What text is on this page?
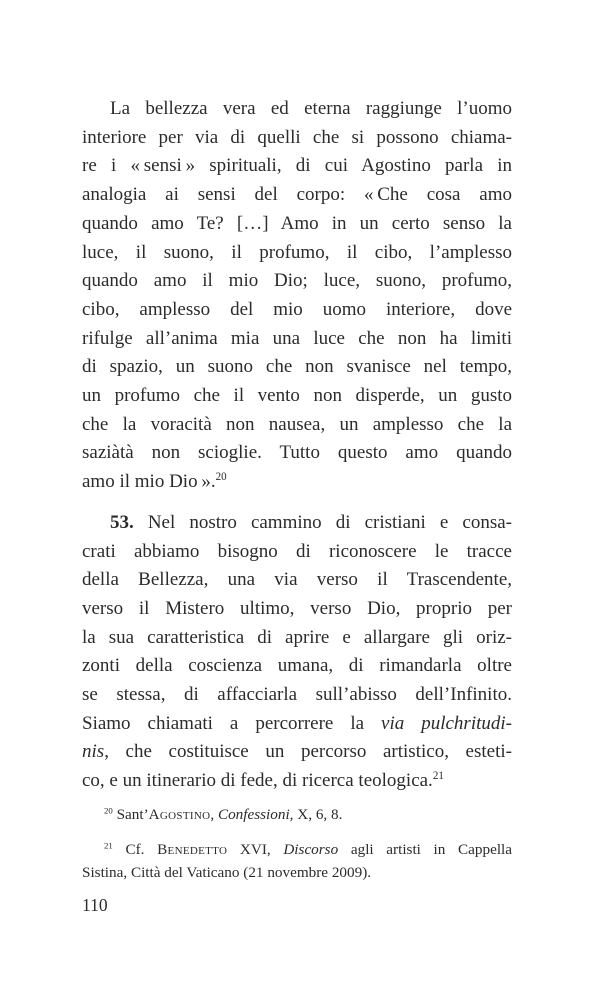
La bellezza vera ed eterna raggiunge l’uomo
interiore per via di quelli che si possono chiama-
re i « sensi » spirituali, di cui Agostino parla in
analogia ai sensi del corpo: « Che cosa amo
quando amo Te? […] Amo in un certo senso la
luce, il suono, il profumo, il cibo, l’amplesso
quando amo il mio Dio; luce, suono, profumo,
cibo, amplesso del mio uomo interiore, dove
rifulge all’anima mia una luce che non ha limiti
di spazio, un suono che non svanisce nel tempo,
un profumo che il vento non disperde, un gusto
che la voracità non nausea, un amplesso che la
saziàtà non scioglie. Tutto questo amo quando
amo il mio Dio ».$^{20}$
53. Nel nostro cammino di cristiani e consa-
crati abbiamo bisogno di riconoscere le tracce
della Bellezza, una via verso il Trascendente,
verso il Mistero ultimo, verso Dio, proprio per
la sua caratteristica di aprire e allargare gli oriz-
zonti della coscienza umana, di rimandarla oltre
se stessa, di affacciarla sull’abisso dell’Infinito.
Siamo chiamati a percorrere la via pulchritudi-
nis, che costituisce un percorso artistico, esteti-
co, e un itinerario di fede, di ricerca teologica.$^{21}$
$^{20}$ Sant’Agostino, Confessioni, X, 6, 8.
$^{21}$ Cf. Benedetto XVI, Discorso agli artisti in Cappella
Sistina, Città del Vaticano (21 novembre 2009).
110
